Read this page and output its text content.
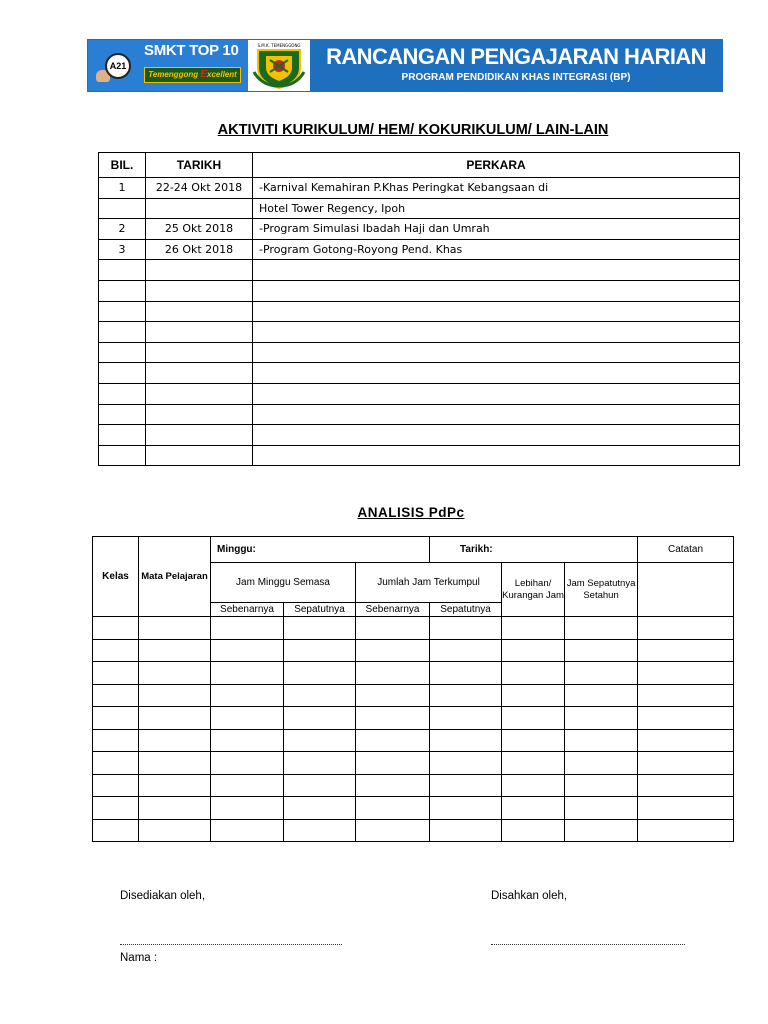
A21
SMKT TOP 10
Temenggong Excellent
S.M.K. TEMENGGONG	RANCANGAN PENGAJARAN HARIAN
PROGRAM PENDIDIKAN KHAS INTEGRASI (BP)
AKTIVITI KURIKULUM/ HEM/ KOKURIKULUM/ LAIN-LAIN
BIL.	TARIKH	PERKARA
1	22-24 Okt 2018	-Karnival Kemahiran P.Khas Peringkat Kebangsaan di
		Hotel Tower Regency, Ipoh
2	25 Okt 2018	-Program Simulasi Ibadah Haji dan Umrah
3	26 Okt 2018	-Program Gotong-Royong Pend. Khas

ANALISIS PdPc
Kelas	Mata Pelajaran	Minggu:			Tarikh:			Catatan
		Jam Minggu Semasa		Jumlah Jam Terkumpul		Lebihan/ Kurangan Jam	Jam Sepatutnya Setahun	
		Sebenarnya	Sepatutnya	Sebenarnya	Sepatutnya			

Disediakan oleh,	Disahkan oleh,
Nama :
